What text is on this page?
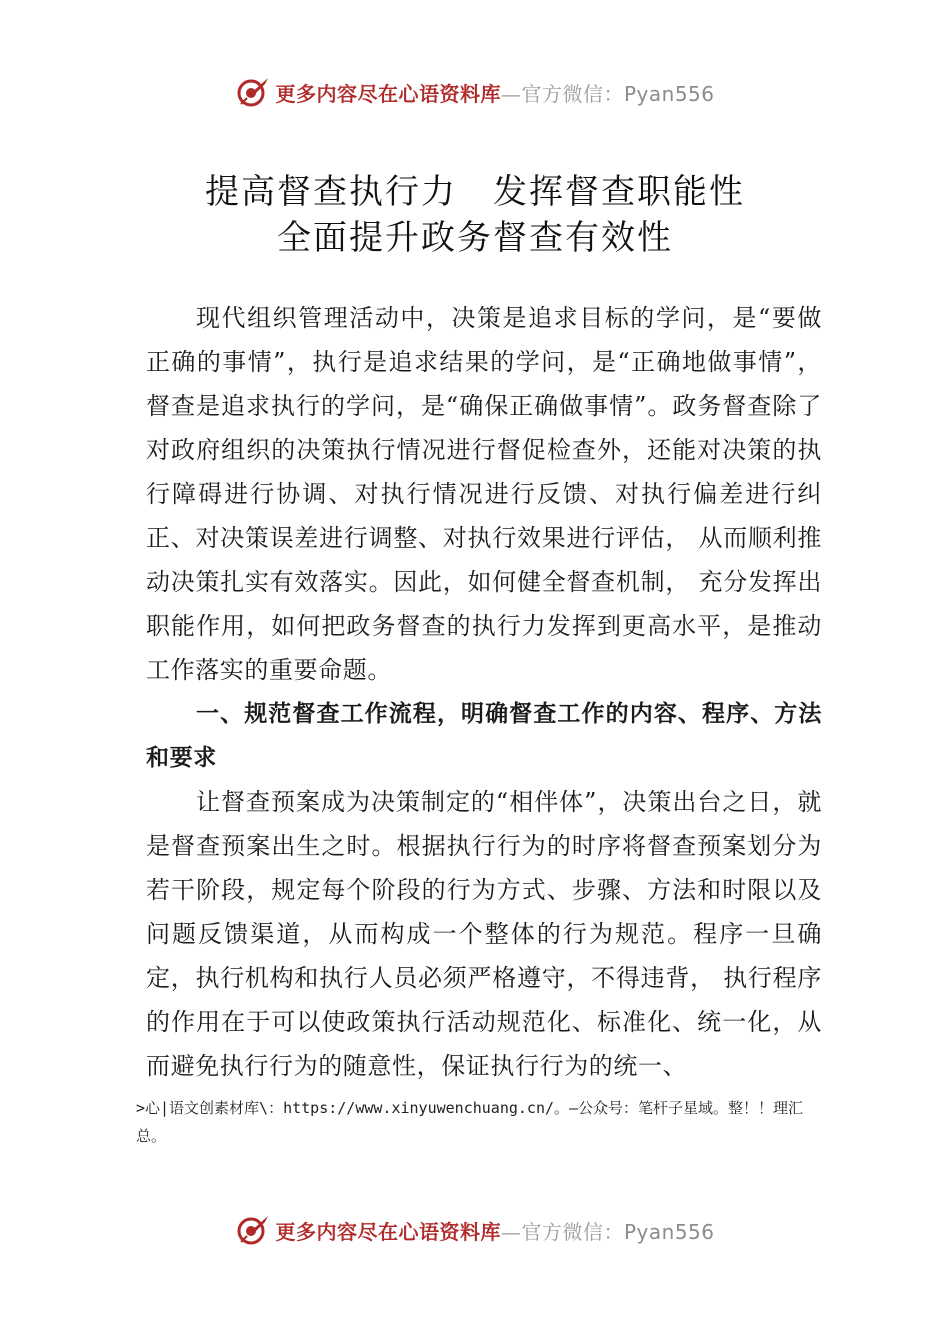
更多内容尽在心语资料库—官方微信：Pyan556
提高督查执行力　发挥督查职能性
全面提升政务督查有效性

现代组织管理活动中，决策是追求目标的学问，是“要做正确的事情”，执行是追求结果的学问，是“正确地做事情”，督查是追求执行的学问，是“确保正确做事情”。政务督查除了对政府组织的决策执行情况进行督促检查外，还能对决策的执行障碍进行协调、对执行情况进行反馈、对执行偏差进行纠正、对决策误差进行调整、对执行效果进行评估， 从而顺利推动决策扎实有效落实。因此，如何健全督查机制， 充分发挥出职能作用，如何把政务督查的执行力发挥到更高水平，是推动工作落实的重要命题。

一、规范督查工作流程，明确督查工作的内容、程序、方法和要求

让督查预案成为决策制定的“相伴体”，决策出台之日，就是督查预案出生之时。根据执行行为的时序将督查预案划分为若干阶段，规定每个阶段的行为方式、步骤、方法和时限以及问题反馈渠道，从而构成一个整体的行为规范。程序一旦确定，执行机构和执行人员必须严格遵守，不得违背， 执行程序的作用在于可以使政策执行活动规范化、标准化、统一化，从而避免执行行为的随意性，保证执行行为的统一、

>心|语文创素材库\：https://www.xinyuwenchuang.cn/。—公众号：笔杆子星域。整！！理汇总。
更多内容尽在心语资料库—官方微信：Pyan556
